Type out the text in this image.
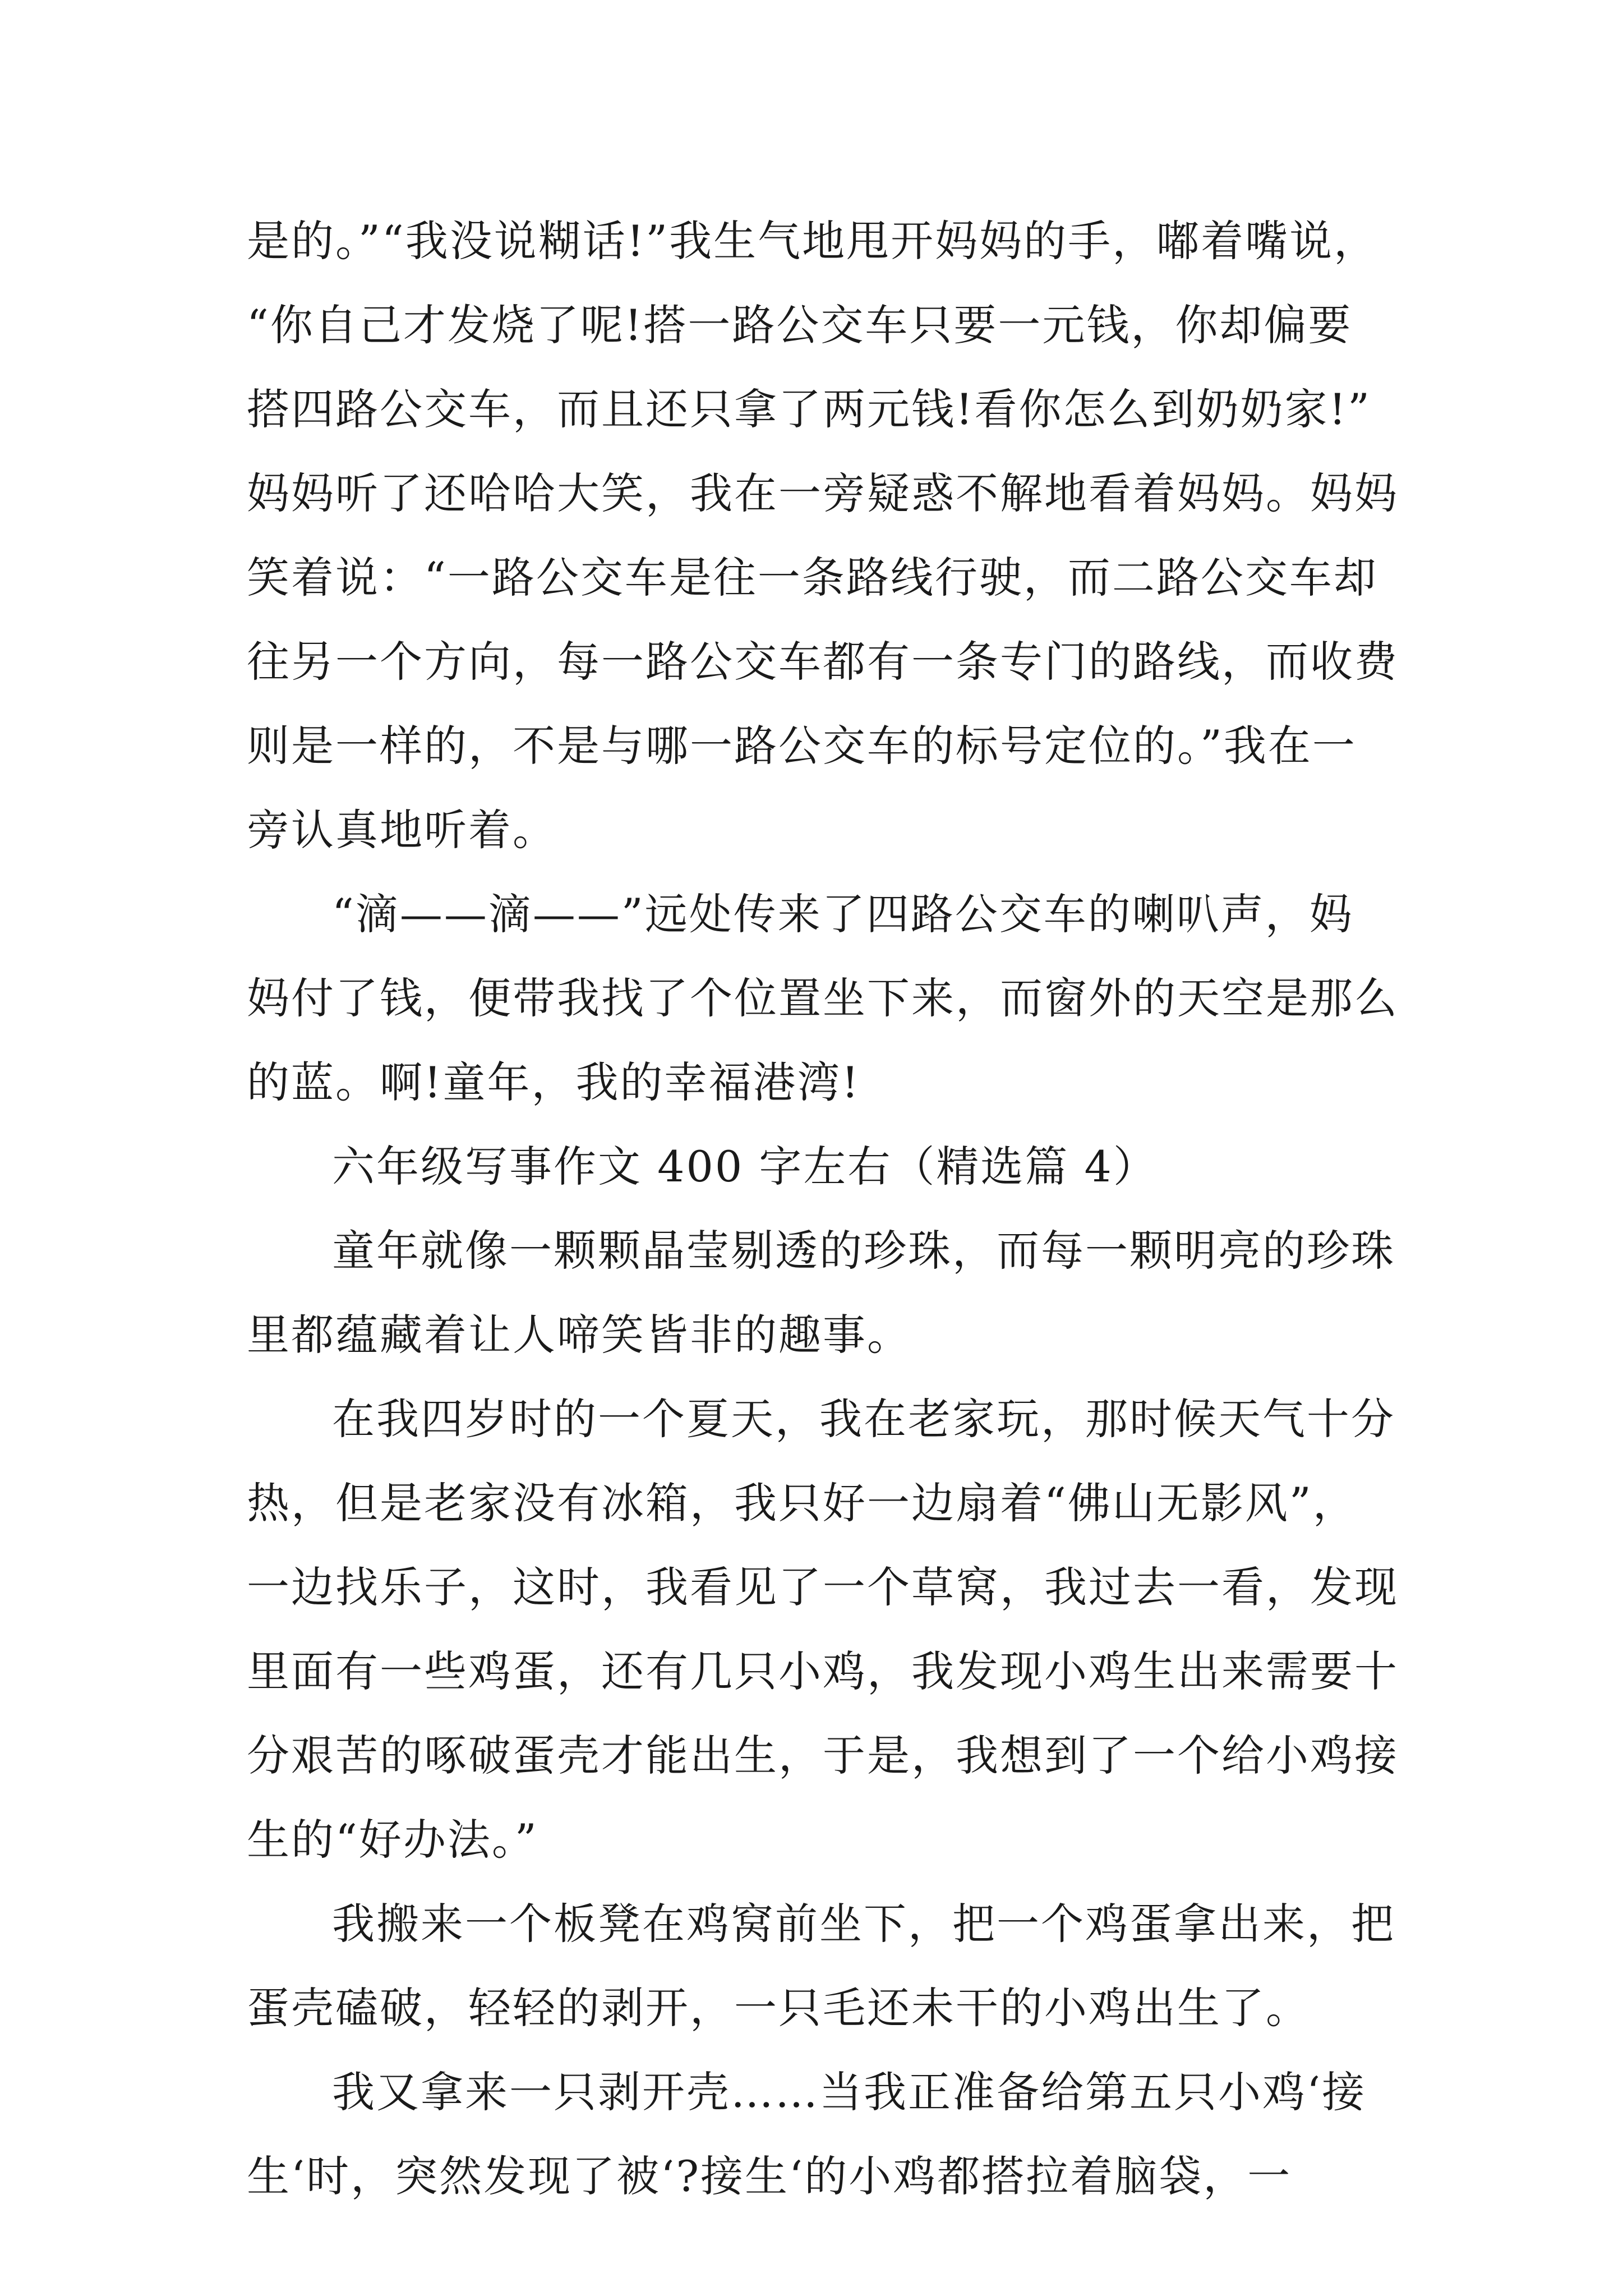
是的。”“我没说糊话!”我生气地甩开妈妈的手，嘟着嘴说，
“你自己才发烧了呢!搭一路公交车只要一元钱，你却偏要
搭四路公交车，而且还只拿了两元钱!看你怎么到奶奶家!”
妈妈听了还哈哈大笑，我在一旁疑惑不解地看着妈妈。妈妈
笑着说：“一路公交车是往一条路线行驶，而二路公交车却
往另一个方向，每一路公交车都有一条专门的路线，而收费
则是一样的，不是与哪一路公交车的标号定位的。”我在一
旁认真地听着。
“滴——滴——”远处传来了四路公交车的喇叭声，妈
妈付了钱，便带我找了个位置坐下来，而窗外的天空是那么
的蓝。啊!童年，我的幸福港湾!
六年级写事作文 400 字左右（精选篇 4）
童年就像一颗颗晶莹剔透的珍珠，而每一颗明亮的珍珠
里都蕴藏着让人啼笑皆非的趣事。
在我四岁时的一个夏天，我在老家玩，那时候天气十分
热，但是老家没有冰箱，我只好一边扇着“佛山无影风”，
一边找乐子，这时，我看见了一个草窝，我过去一看，发现
里面有一些鸡蛋，还有几只小鸡，我发现小鸡生出来需要十
分艰苦的啄破蛋壳才能出生，于是，我想到了一个给小鸡接
生的“好办法。”
我搬来一个板凳在鸡窝前坐下，把一个鸡蛋拿出来，把
蛋壳磕破，轻轻的剥开，一只毛还未干的小鸡出生了。
我又拿来一只剥开壳……当我正准备给第五只小鸡‘接
生‘时，突然发现了被‘?接生‘的小鸡都搭拉着脑袋，一
